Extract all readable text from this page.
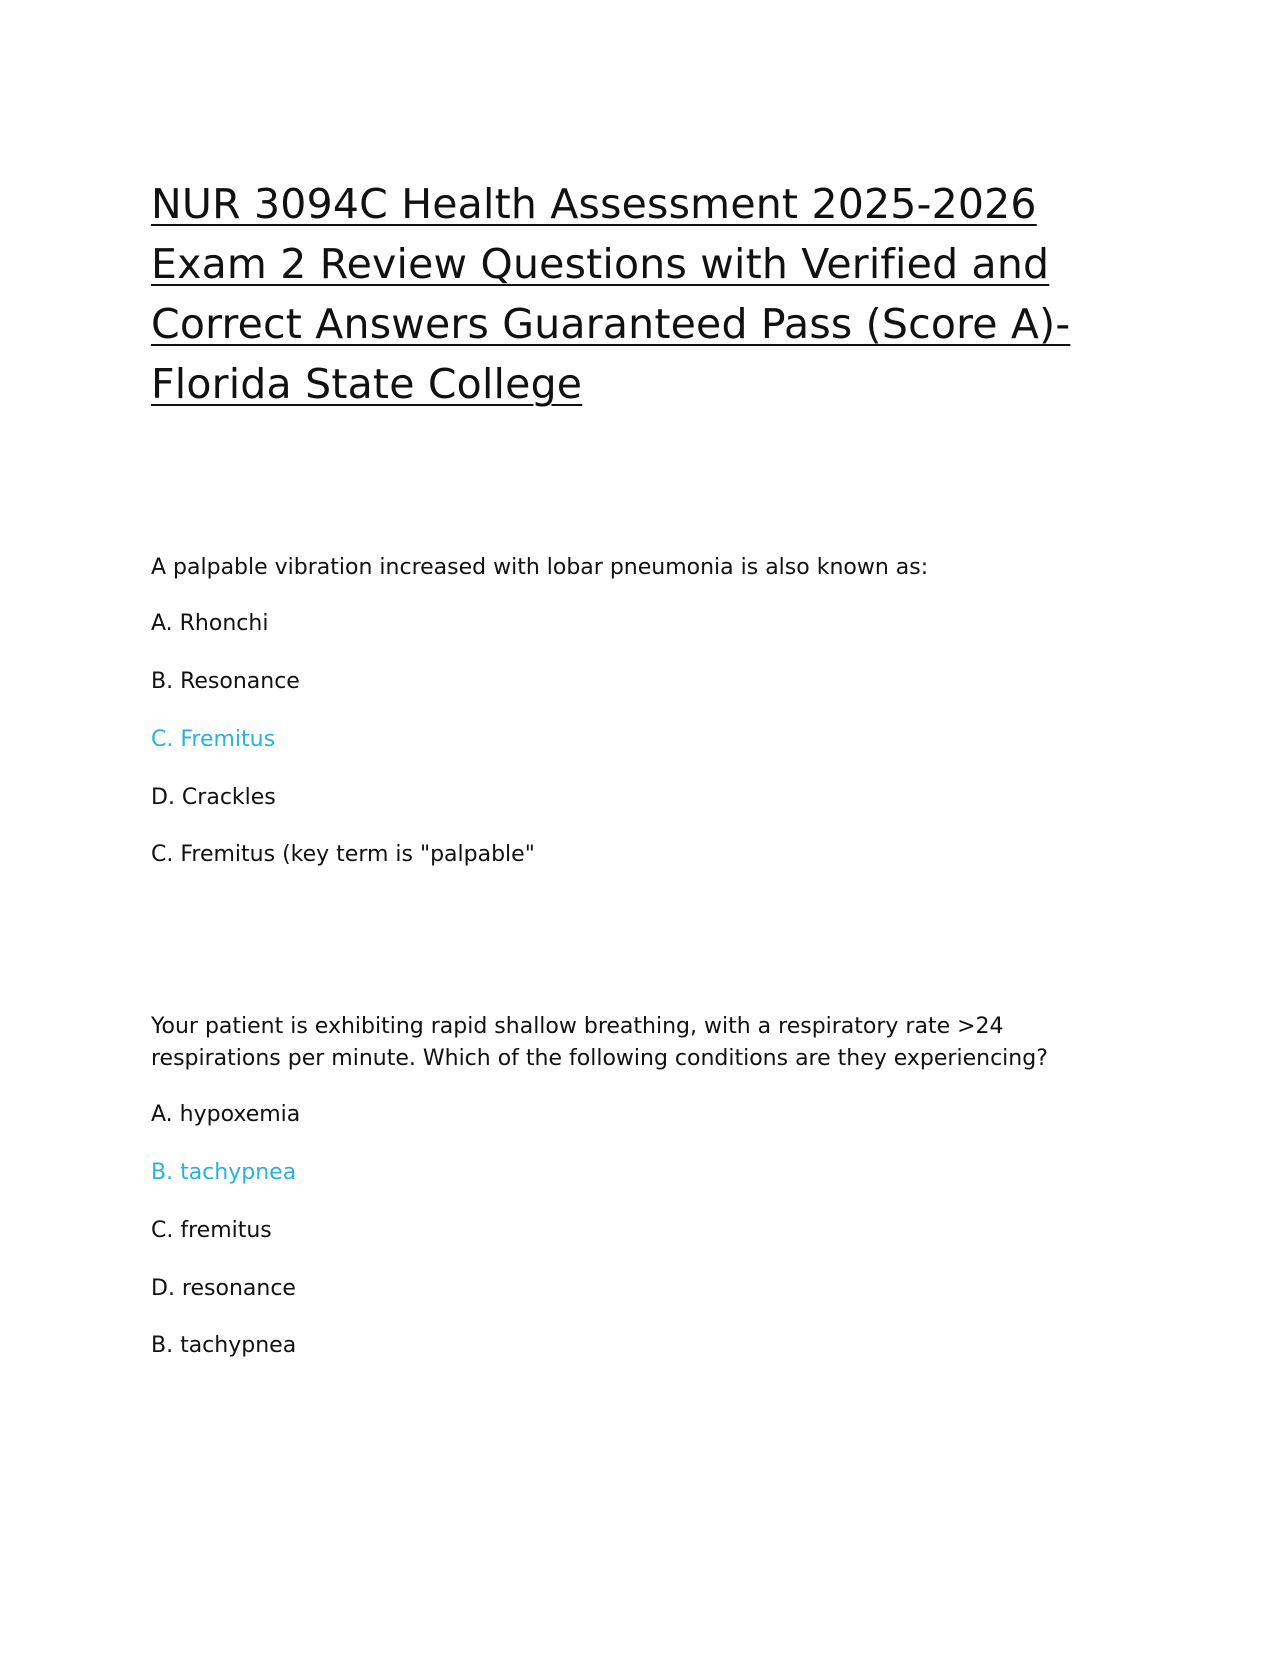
NUR 3094C Health Assessment 2025-2026 Exam 2 Review Questions with Verified and Correct Answers Guaranteed Pass (Score A)-Florida State College

A palpable vibration increased with lobar pneumonia is also known as:

A. Rhonchi
B. Resonance
C. Fremitus
D. Crackles
C. Fremitus (key term is "palpable"

Your patient is exhibiting rapid shallow breathing, with a respiratory rate >24 respirations per minute. Which of the following conditions are they experiencing?

A. hypoxemia
B. tachypnea
C. fremitus
D. resonance
B. tachypnea
